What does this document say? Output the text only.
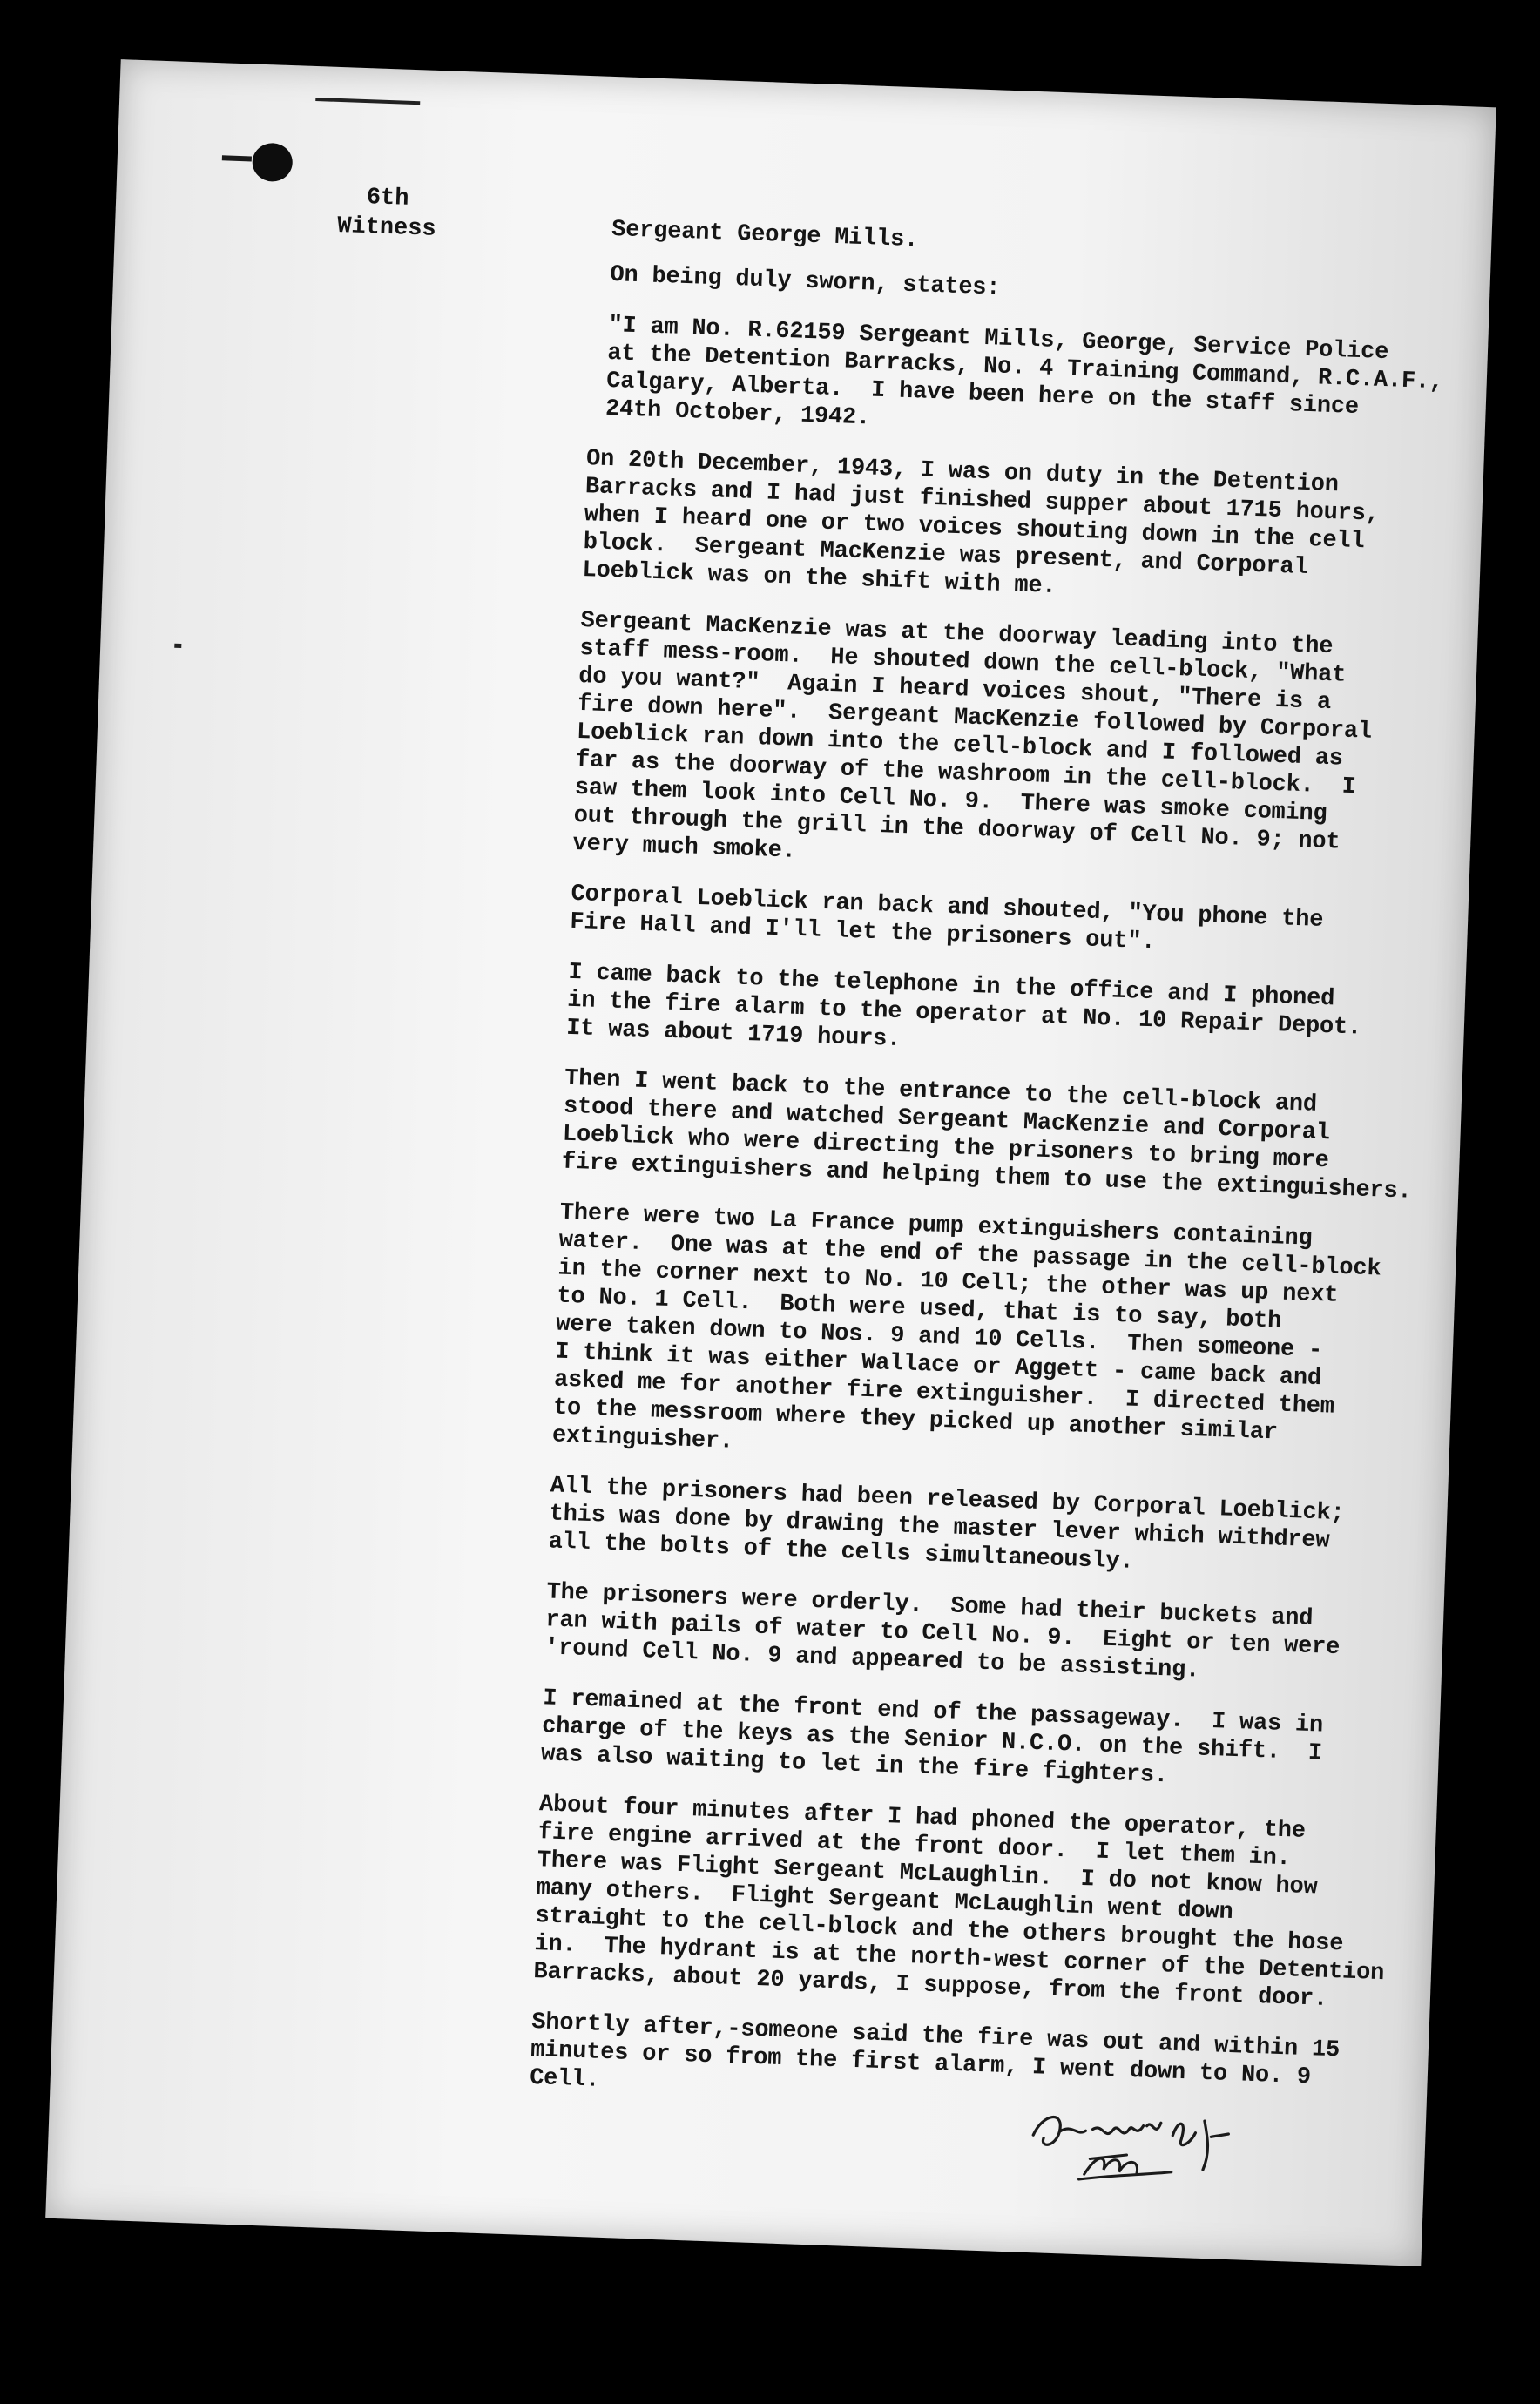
6th
Witness	Sergeant George Mills.
On being duly sworn, states:
"I am No. R.62159 Sergeant Mills, George, Service Police
at the Detention Barracks, No. 4 Training Command, R.C.A.F.,
Calgary, Alberta.  I have been here on the staff since
24th October, 1942.
On 20th December, 1943, I was on duty in the Detention
Barracks and I had just finished supper about 1715 hours,
when I heard one or two voices shouting down in the cell
block.  Sergeant MacKenzie was present, and Corporal
Loeblick was on the shift with me.
Sergeant MacKenzie was at the doorway leading into the
staff mess-room.  He shouted down the cell-block, "What
do you want?"  Again I heard voices shout, "There is a
fire down here".  Sergeant MacKenzie followed by Corporal
Loeblick ran down into the cell-block and I followed as
far as the doorway of the washroom in the cell-block.  I
saw them look into Cell No. 9.  There was smoke coming
out through the grill in the doorway of Cell No. 9; not
very much smoke.
Corporal Loeblick ran back and shouted, "You phone the
Fire Hall and I'll let the prisoners out".
I came back to the telephone in the office and I phoned
in the fire alarm to the operator at No. 10 Repair Depot.
It was about 1719 hours.
Then I went back to the entrance to the cell-block and
stood there and watched Sergeant MacKenzie and Corporal
Loeblick who were directing the prisoners to bring more
fire extinguishers and helping them to use the extinguishers.
There were two La France pump extinguishers containing
water.  One was at the end of the passage in the cell-block
in the corner next to No. 10 Cell; the other was up next
to No. 1 Cell.  Both were used, that is to say, both
were taken down to Nos. 9 and 10 Cells.  Then someone -
I think it was either Wallace or Aggett - came back and
asked me for another fire extinguisher.  I directed them
to the messroom where they picked up another similar
extinguisher.
All the prisoners had been released by Corporal Loeblick;
this was done by drawing the master lever which withdrew
all the bolts of the cells simultaneously.
The prisoners were orderly.  Some had their buckets and
ran with pails of water to Cell No. 9.  Eight or ten were
'round Cell No. 9 and appeared to be assisting.
I remained at the front end of the passageway.  I was in
charge of the keys as the Senior N.C.O. on the shift.  I
was also waiting to let in the fire fighters.
About four minutes after I had phoned the operator, the
fire engine arrived at the front door.  I let them in.
There was Flight Sergeant McLaughlin.  I do not know how
many others.  Flight Sergeant McLaughlin went down
straight to the cell-block and the others brought the hose
in.  The hydrant is at the north-west corner of the Detention
Barracks, about 20 yards, I suppose, from the front door.
Shortly after,-someone said the fire was out and within 15
minutes or so from the first alarm, I went down to No. 9
Cell.
